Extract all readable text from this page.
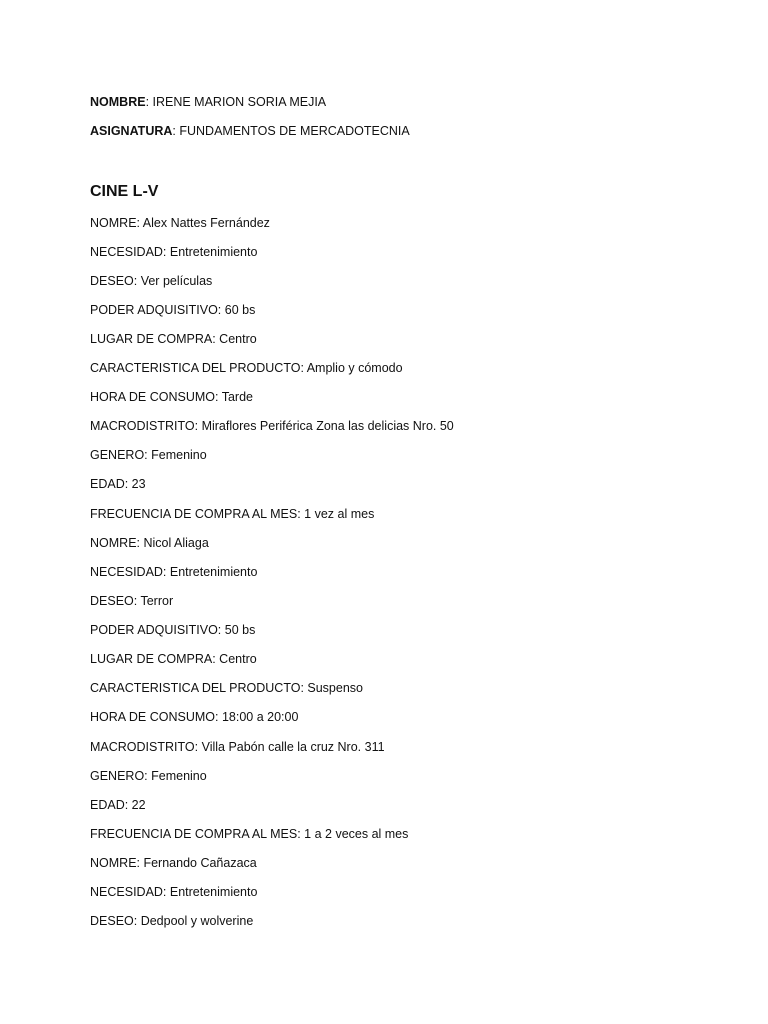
NOMBRE: IRENE MARION SORIA MEJIA
ASIGNATURA: FUNDAMENTOS DE MERCADOTECNIA
CINE L-V
NOMRE: Alex Nattes Fernández
NECESIDAD: Entretenimiento
DESEO: Ver películas
PODER ADQUISITIVO: 60 bs
LUGAR DE COMPRA: Centro
CARACTERISTICA DEL PRODUCTO: Amplio y cómodo
HORA DE CONSUMO: Tarde
MACRODISTRITO: Miraflores Periférica Zona las delicias Nro. 50
GENERO: Femenino
EDAD: 23
FRECUENCIA DE COMPRA AL MES: 1 vez al mes
NOMRE: Nicol Aliaga
NECESIDAD: Entretenimiento
DESEO: Terror
PODER ADQUISITIVO: 50 bs
LUGAR DE COMPRA: Centro
CARACTERISTICA DEL PRODUCTO: Suspenso
HORA DE CONSUMO: 18:00 a 20:00
MACRODISTRITO: Villa Pabón calle la cruz Nro. 311
GENERO: Femenino
EDAD: 22
FRECUENCIA DE COMPRA AL MES: 1 a 2 veces al mes
NOMRE: Fernando Cañazaca
NECESIDAD: Entretenimiento
DESEO: Dedpool y wolverine
